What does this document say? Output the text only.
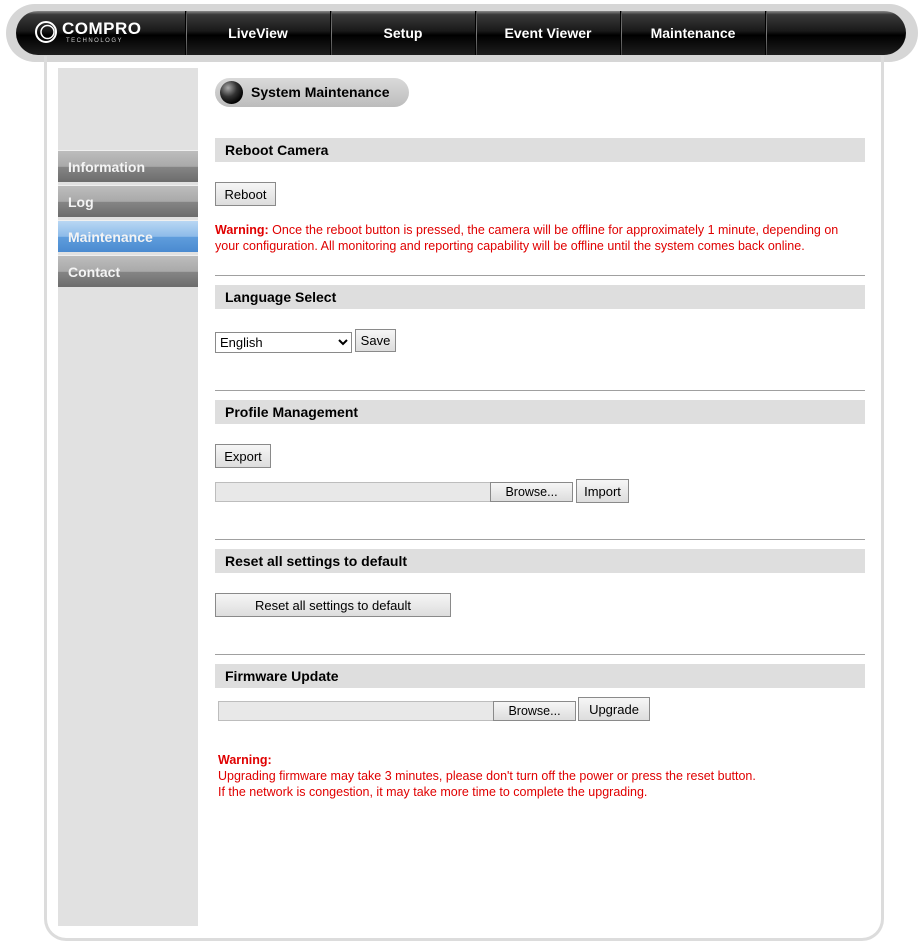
COMPRO
TECHNOLOGY	LiveView	Setup	Event Viewer	Maintenance
Information
Log
Maintenance
Contact
System Maintenance
Reboot Camera
Reboot
Warning: Once the reboot button is pressed, the camera will be offline for approximately 1 minute, depending on your configuration. All monitoring and reporting capability will be offline until the system comes back online.
Language Select
English
Save
Profile Management
Export
Browse...	Import
Reset all settings to default
Reset all settings to default
Firmware Update
Browse...	Upgrade
Warning:
Upgrading firmware may take 3 minutes, please don't turn off the power or press the reset button.
If the network is congestion, it may take more time to complete the upgrading.
